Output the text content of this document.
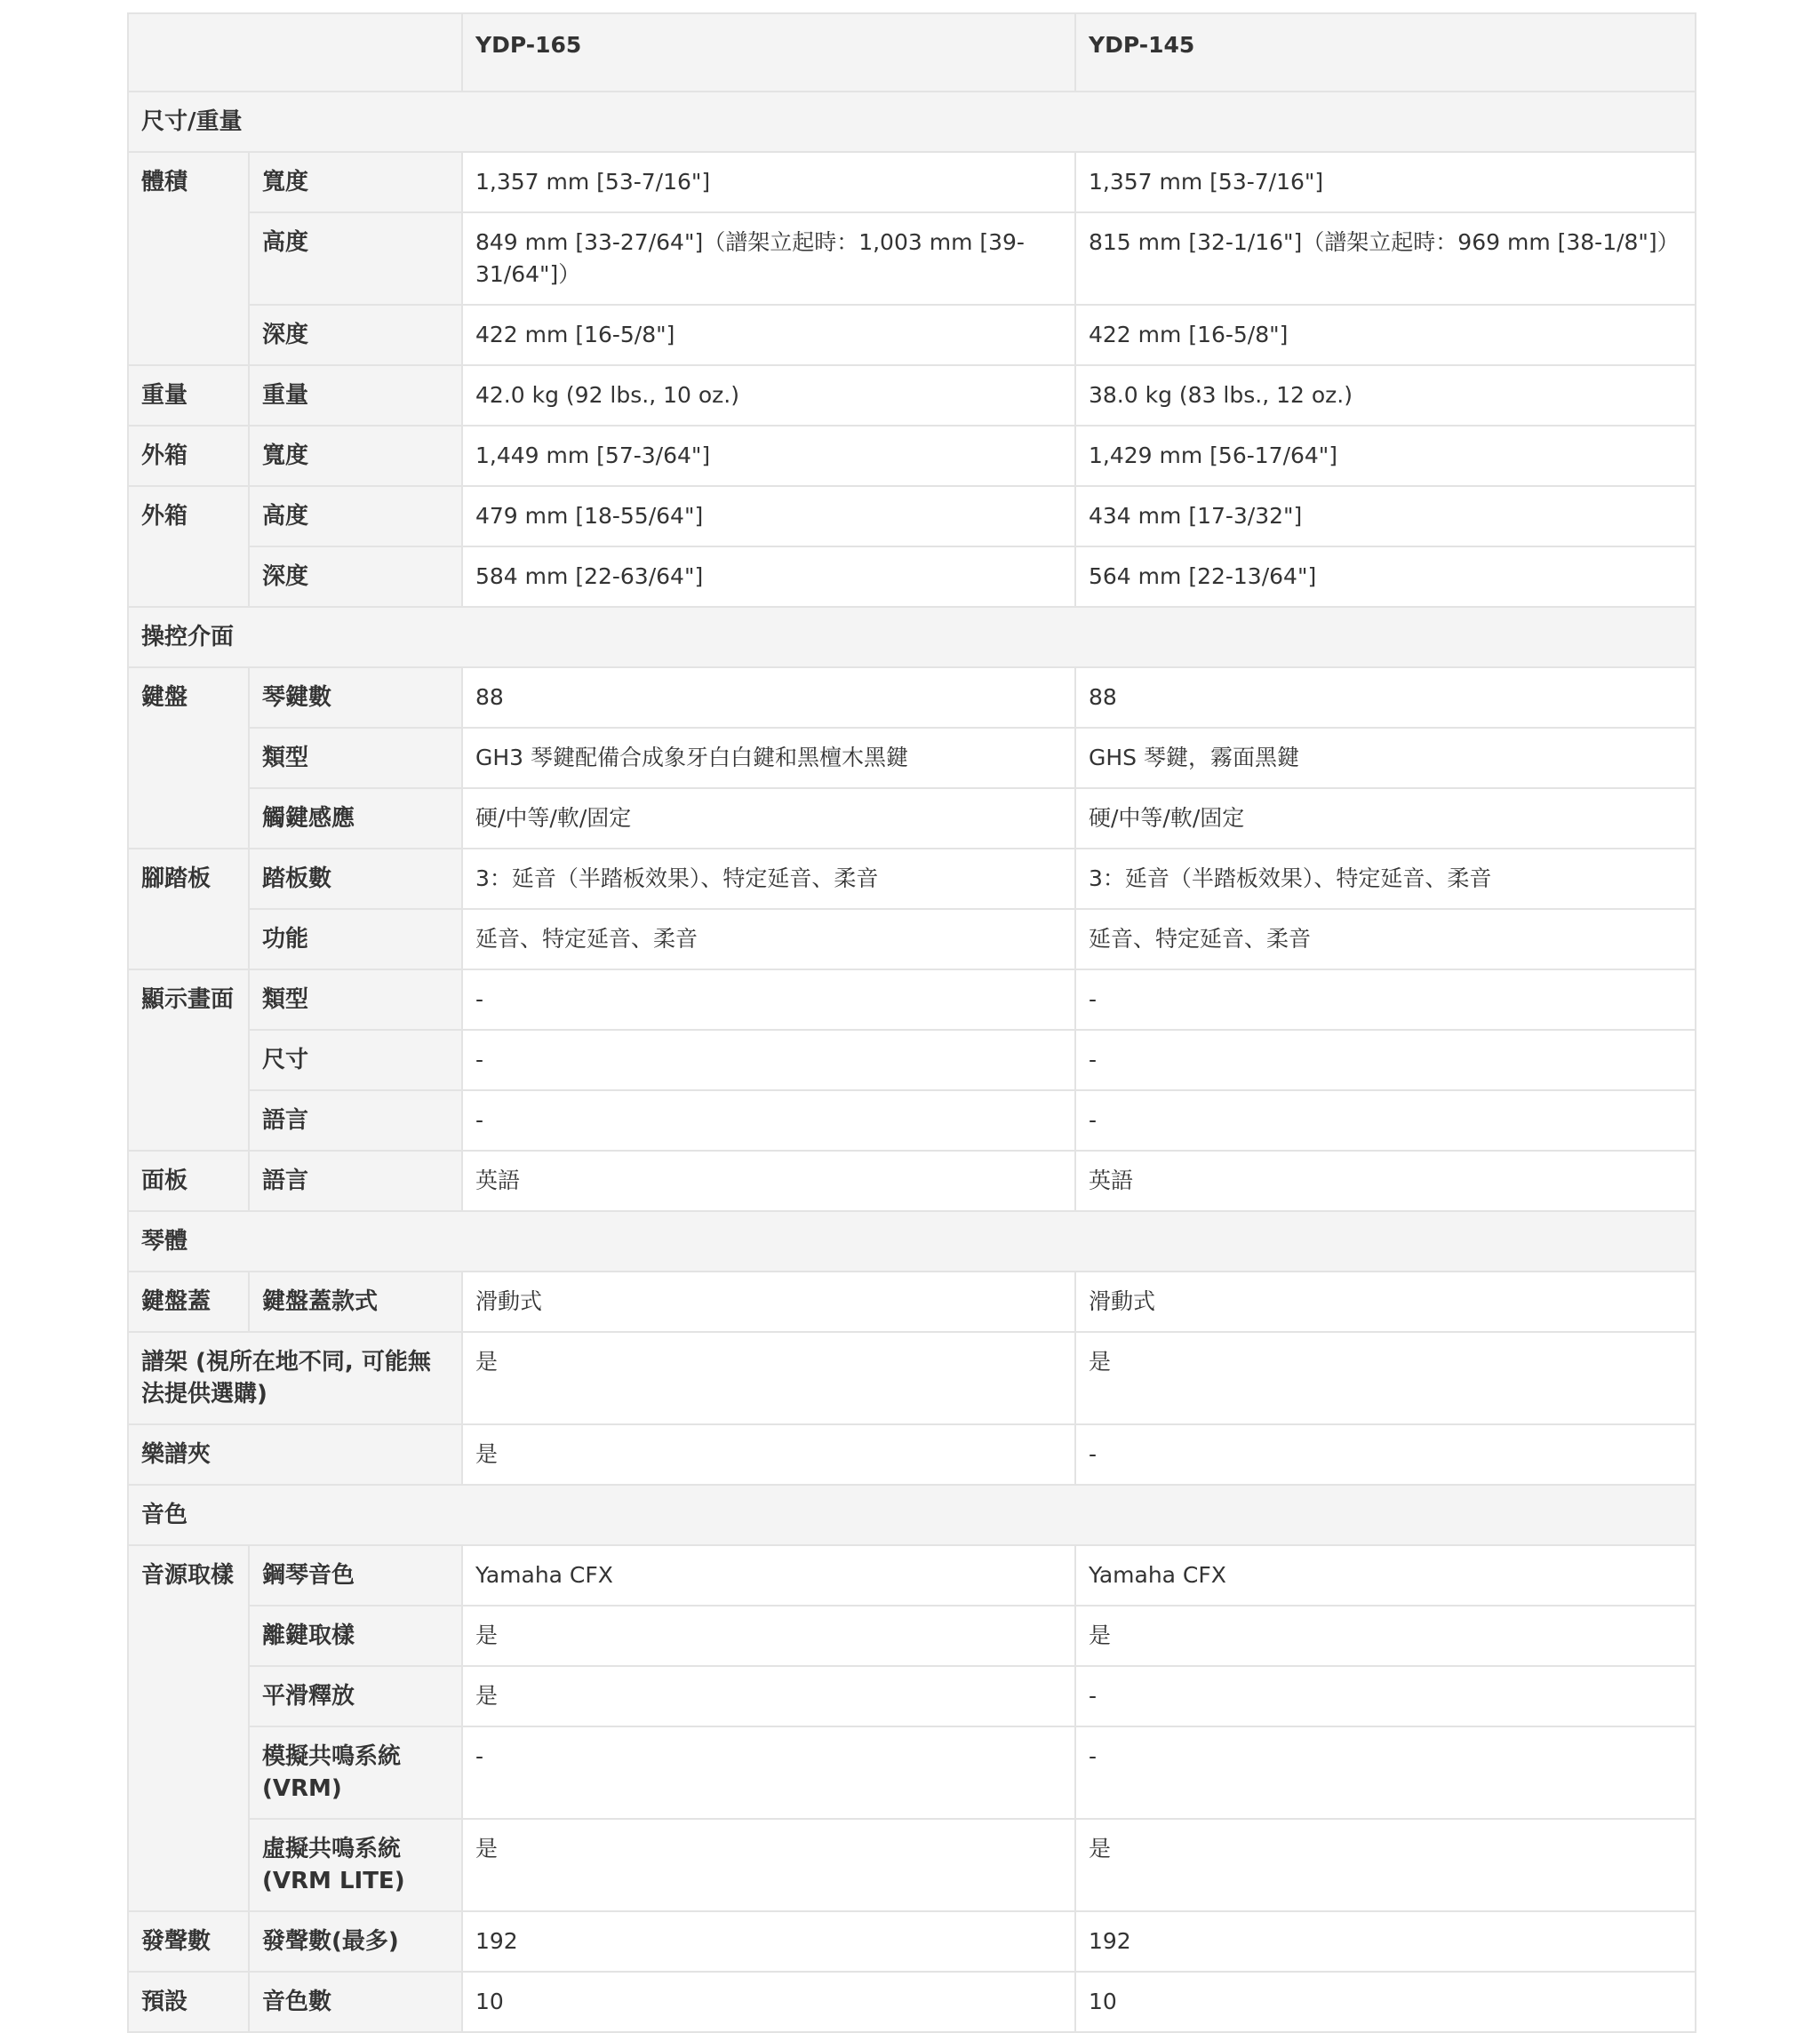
		YDP-165	YDP-145
尺寸/重量			
體積	寬度	1,357 mm [53-7/16"]	1,357 mm [53-7/16"]
	高度	849 mm [33-27/64"]（譜架立起時：1,003 mm [39-31/64"]）	815 mm [32-1/16"]（譜架立起時：969 mm [38-1/8"]）
	深度	422 mm [16-5/8"]	422 mm [16-5/8"]
重量	重量	42.0 kg (92 lbs., 10 oz.)	38.0 kg (83 lbs., 12 oz.)
外箱	寬度	1,449 mm [57-3/64"]	1,429 mm [56-17/64"]
外箱	高度	479 mm [18-55/64"]	434 mm [17-3/32"]
	深度	584 mm [22-63/64"]	564 mm [22-13/64"]
操控介面			
鍵盤	琴鍵數	88	88
	類型	GH3 琴鍵配備合成象牙白白鍵和黑檀木黑鍵	GHS 琴鍵，霧面黑鍵
	觸鍵感應	硬/中等/軟/固定	硬/中等/軟/固定
腳踏板	踏板數	3：延音（半踏板效果）、特定延音、柔音	3：延音（半踏板效果）、特定延音、柔音
	功能	延音、特定延音、柔音	延音、特定延音、柔音
顯示畫面	類型	-	-
	尺寸	-	-
	語言	-	-
面板	語言	英語	英語
琴體			
鍵盤蓋	鍵盤蓋款式	滑動式	滑動式
譜架 (視所在地不同, 可能無法提供選購)		是	是
樂譜夾		是	-
音色			
音源取樣	鋼琴音色	Yamaha CFX	Yamaha CFX
	離鍵取樣	是	是
	平滑釋放	是	-
	模擬共鳴系統 (VRM)	-	-
	虛擬共鳴系統 (VRM LITE)	是	是
發聲數	發聲數(最多)	192	192
預設	音色數	10	10
